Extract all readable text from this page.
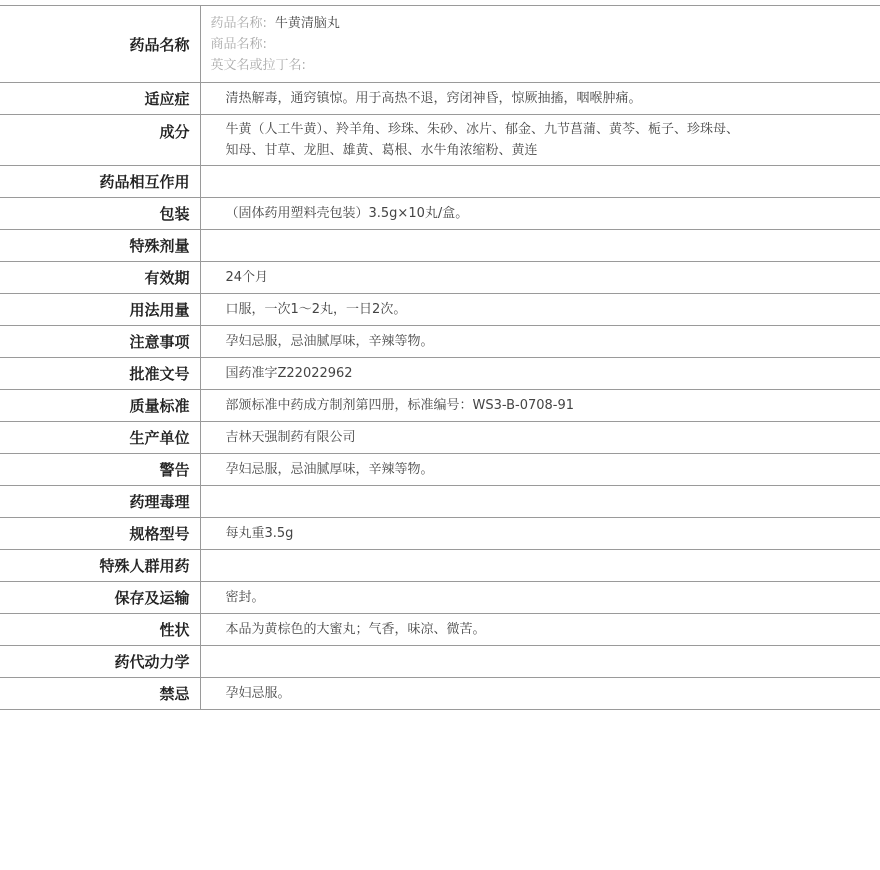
药品名称	药品名称: 牛黄清脑丸
商品名称:
英文名或拉丁名:

适应症	清热解毒，通窍镇惊。用于高热不退，窍闭神昏，惊厥抽搐，咽喉肿痛。
成分	牛黄（人工牛黄）、羚羊角、珍珠、朱砂、冰片、郁金、九节菖蒲、黄芩、栀子、珍珠母、
知母、甘草、龙胆、雄黄、葛根、水牛角浓缩粉、黄连

药品相互作用	
包装	（固体药用塑料壳包装）3.5g×10丸/盒。
特殊剂量	
有效期	24个月
用法用量	口服，一次1～2丸，一日2次。
注意事项	孕妇忌服，忌油腻厚味，辛辣等物。
批准文号	国药准字Z22022962
质量标准	部颁标准中药成方制剂第四册，标准编号：WS3-B-0708-91
生产单位	吉林天强制药有限公司
警告	孕妇忌服，忌油腻厚味，辛辣等物。
药理毒理	
规格型号	每丸重3.5g
特殊人群用药	
保存及运输	密封。
性状	本品为黄棕色的大蜜丸；气香，味凉、微苦。
药代动力学	
禁忌	孕妇忌服。
